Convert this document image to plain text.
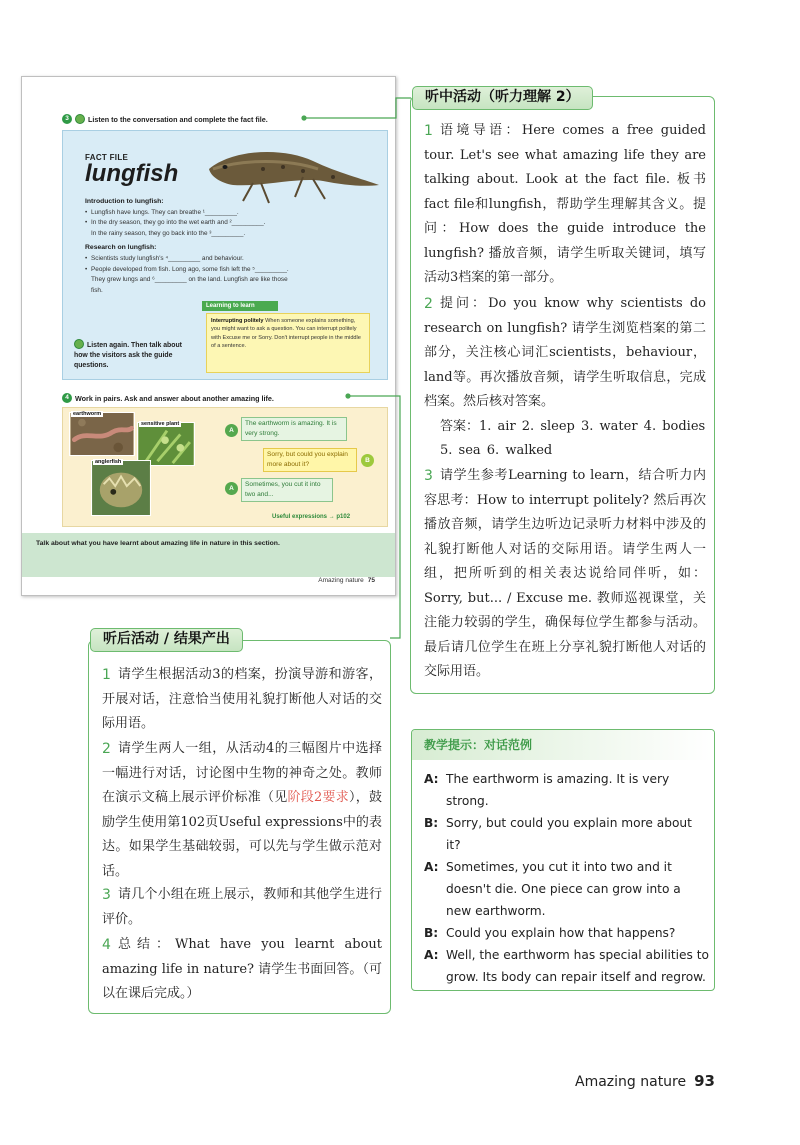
3	Listen to the conversation and complete the fact file.
FACT FILE
lungfish
Introduction to lungfish:
• Lungfish have lungs. They can breathe ¹_________.
• In the dry season, they go into the wet earth and ²_________.
In the rainy season, they go back into the ³_________.
Research on lungfish:
• Scientists study lungfish's ⁴_________ and behaviour.
• People developed from fish. Long ago, some fish left the ⁵_________. They grew lungs and ⁶_________ on the land. Lungfish are like those fish.
Learning to learn
Interrupting politely When someone explains something, you might want to ask a question. You can interrupt politely with Excuse me or Sorry. Don't interrupt people in the middle of a sentence.
Listen again. Then talk about how the visitors ask the guide questions.
4 Work in pairs. Ask and answer about another amazing life.
earthworm
sensitive plant
anglerfish
A
The earthworm is amazing. It is very strong.
Sorry, but could you explain more about it?
B
A
Sometimes, you cut it into two and...
Useful expressions → p102
Talk about what you have learnt about amazing life in nature in this section.
Amazing nature 75
1 语境导语：Here comes a free guided tour. Let's see what amazing life they are talking about. Look at the fact file. 板书fact file和lungfish，帮助学生理解其含义。提问：How does the guide introduce the lungfish? 播放音频，请学生听取关键词，填写活动3档案的第一部分。
2 提问：Do you know why scientists do research on lungfish? 请学生浏览档案的第二部分，关注核心词汇scientists，behaviour，land等。再次播放音频，请学生听取信息，完成档案。然后核对答案。
答案：1. air 2. sleep 3. water 4. bodies
5. sea 6. walked
3 请学生参考Learning to learn，结合听力内容思考：How to interrupt politely? 然后再次播放音频，请学生边听边记录听力材料中涉及的礼貌打断他人对话的交际用语。请学生两人一组，把所听到的相关表达说给同伴听，如：Sorry, but... / Excuse me. 教师巡视课堂，关注能力较弱的学生，确保每位学生都参与活动。最后请几位学生在班上分享礼貌打断他人对话的交际用语。
听中活动（听力理解 2）
1 请学生根据活动3的档案，扮演导游和游客，开展对话，注意恰当使用礼貌打断他人对话的交际用语。
2 请学生两人一组，从活动4的三幅图片中选择一幅进行对话，讨论图中生物的神奇之处。教师在演示文稿上展示评价标准（见阶段2要求），鼓励学生使用第102页Useful expressions中的表达。如果学生基础较弱，可以先与学生做示范对话。
3 请几个小组在班上展示，教师和其他学生进行评价。
4 总结：What have you learnt about amazing life in nature? 请学生书面回答。（可以在课后完成。）
听后活动 / 结果产出
教学提示：对话范例
A: The earthworm is amazing. It is very strong.
B: Sorry, but could you explain more about it?
A: Sometimes, you cut it into two and it doesn't die. One piece can grow into a new earthworm.
B: Could you explain how that happens?
A: Well, the earthworm has special abilities to grow. Its body can repair itself and regrow.
Amazing nature 93
